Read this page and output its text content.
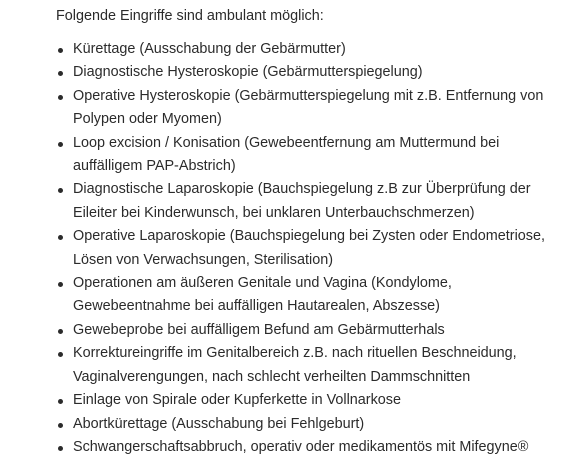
Folgende Eingriffe sind ambulant möglich:

Kürettage (Ausschabung der Gebärmutter)
Diagnostische Hysteroskopie (Gebärmutterspiegelung)
Operative Hysteroskopie (Gebärmutterspiegelung mit z.B. Entfernung von Polypen oder Myomen)
Loop excision / Konisation (Gewebeentfernung am Muttermund bei auffälligem PAP-Abstrich)
Diagnostische Laparoskopie (Bauchspiegelung z.B zur Überprüfung der Eileiter bei Kinderwunsch, bei unklaren Unterbauchschmerzen)
Operative Laparoskopie (Bauchspiegelung bei Zysten oder Endometriose, Lösen von Verwachsungen, Sterilisation)
Operationen am äußeren Genitale und Vagina (Kondylome, Gewebeentnahme bei auffälligen Hautarealen, Abszesse)
Gewebeprobe bei auffälligem Befund am Gebärmutterhals
Korrektureingriffe im Genitalbereich z.B. nach rituellen Beschneidung, Vaginalverengungen, nach schlecht verheilten Dammschnitten
Einlage von Spirale oder Kupferkette in Vollnarkose
Abortkürettage (Ausschabung bei Fehlgeburt)
Schwangerschaftsabbruch, operativ oder medikamentös mit Mifegyne®
